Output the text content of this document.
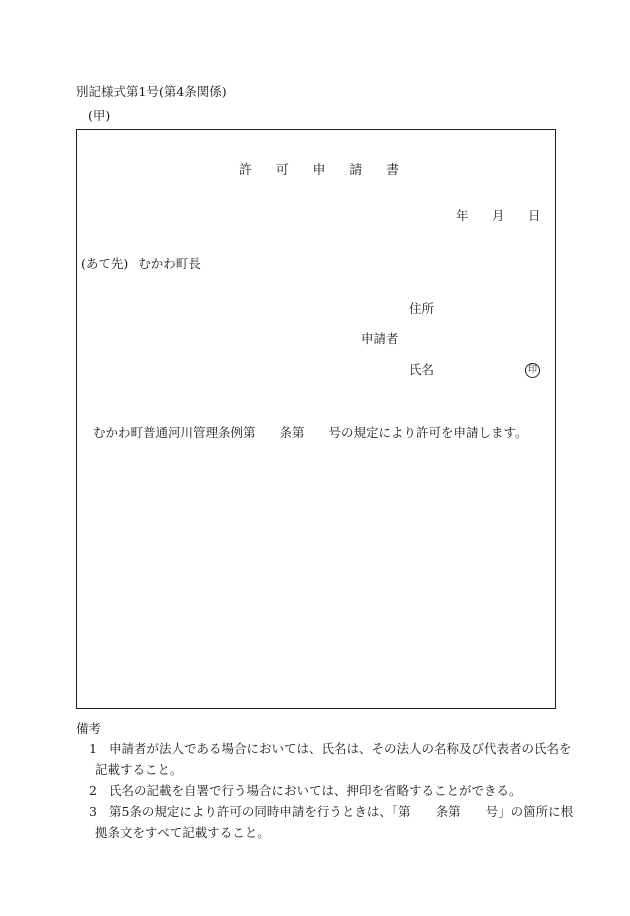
別記様式第1号(第4条関係)
(甲)
許 可 申 請 書
年 月 日
(あて先) むかわ町長
住所
申請者
氏名	印
むかわ町普通河川管理条例第 条第 号の規定により許可を申請します。
備考
1 申請者が法人である場合においては、氏名は、その法人の名称及び代表者の氏名を
記載すること。
2 氏名の記載を自署で行う場合においては、押印を省略することができる。
3 第5条の規定により許可の同時申請を行うときは、「第　　条第　　号」の箇所に根
拠条文をすべて記載すること。
